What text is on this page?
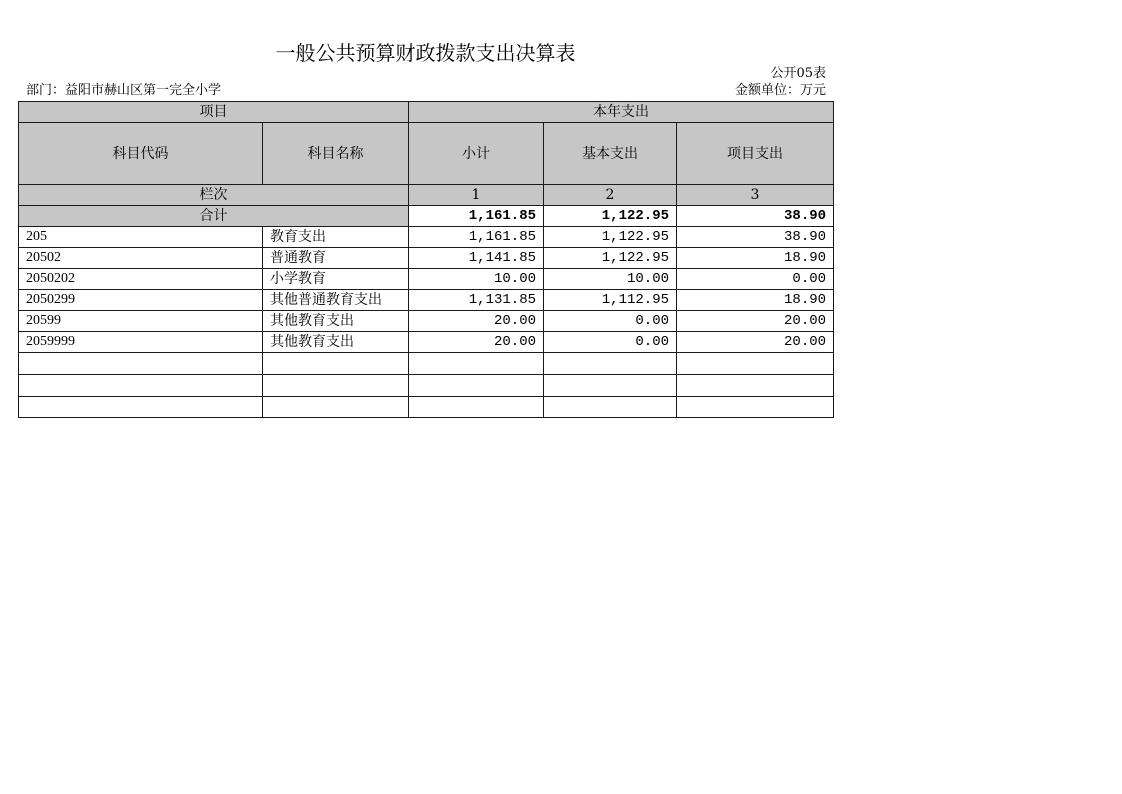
一般公共预算财政拨款支出决算表
公开05表
部门：益阳市赫山区第一完全小学	金额单位：万元
项目		本年支出		
科目代码	科目名称	小计	基本支出	项目支出
栏次		1	2	3
合计		1,161.85	1,122.95	38.90
205	教育支出	1,161.85	1,122.95	38.90
20502	普通教育	1,141.85	1,122.95	18.90
2050202	小学教育	10.00	10.00	0.00
2050299	其他普通教育支出	1,131.85	1,112.95	18.90
20599	其他教育支出	20.00	0.00	20.00
2059999	其他教育支出	20.00	0.00	20.00
